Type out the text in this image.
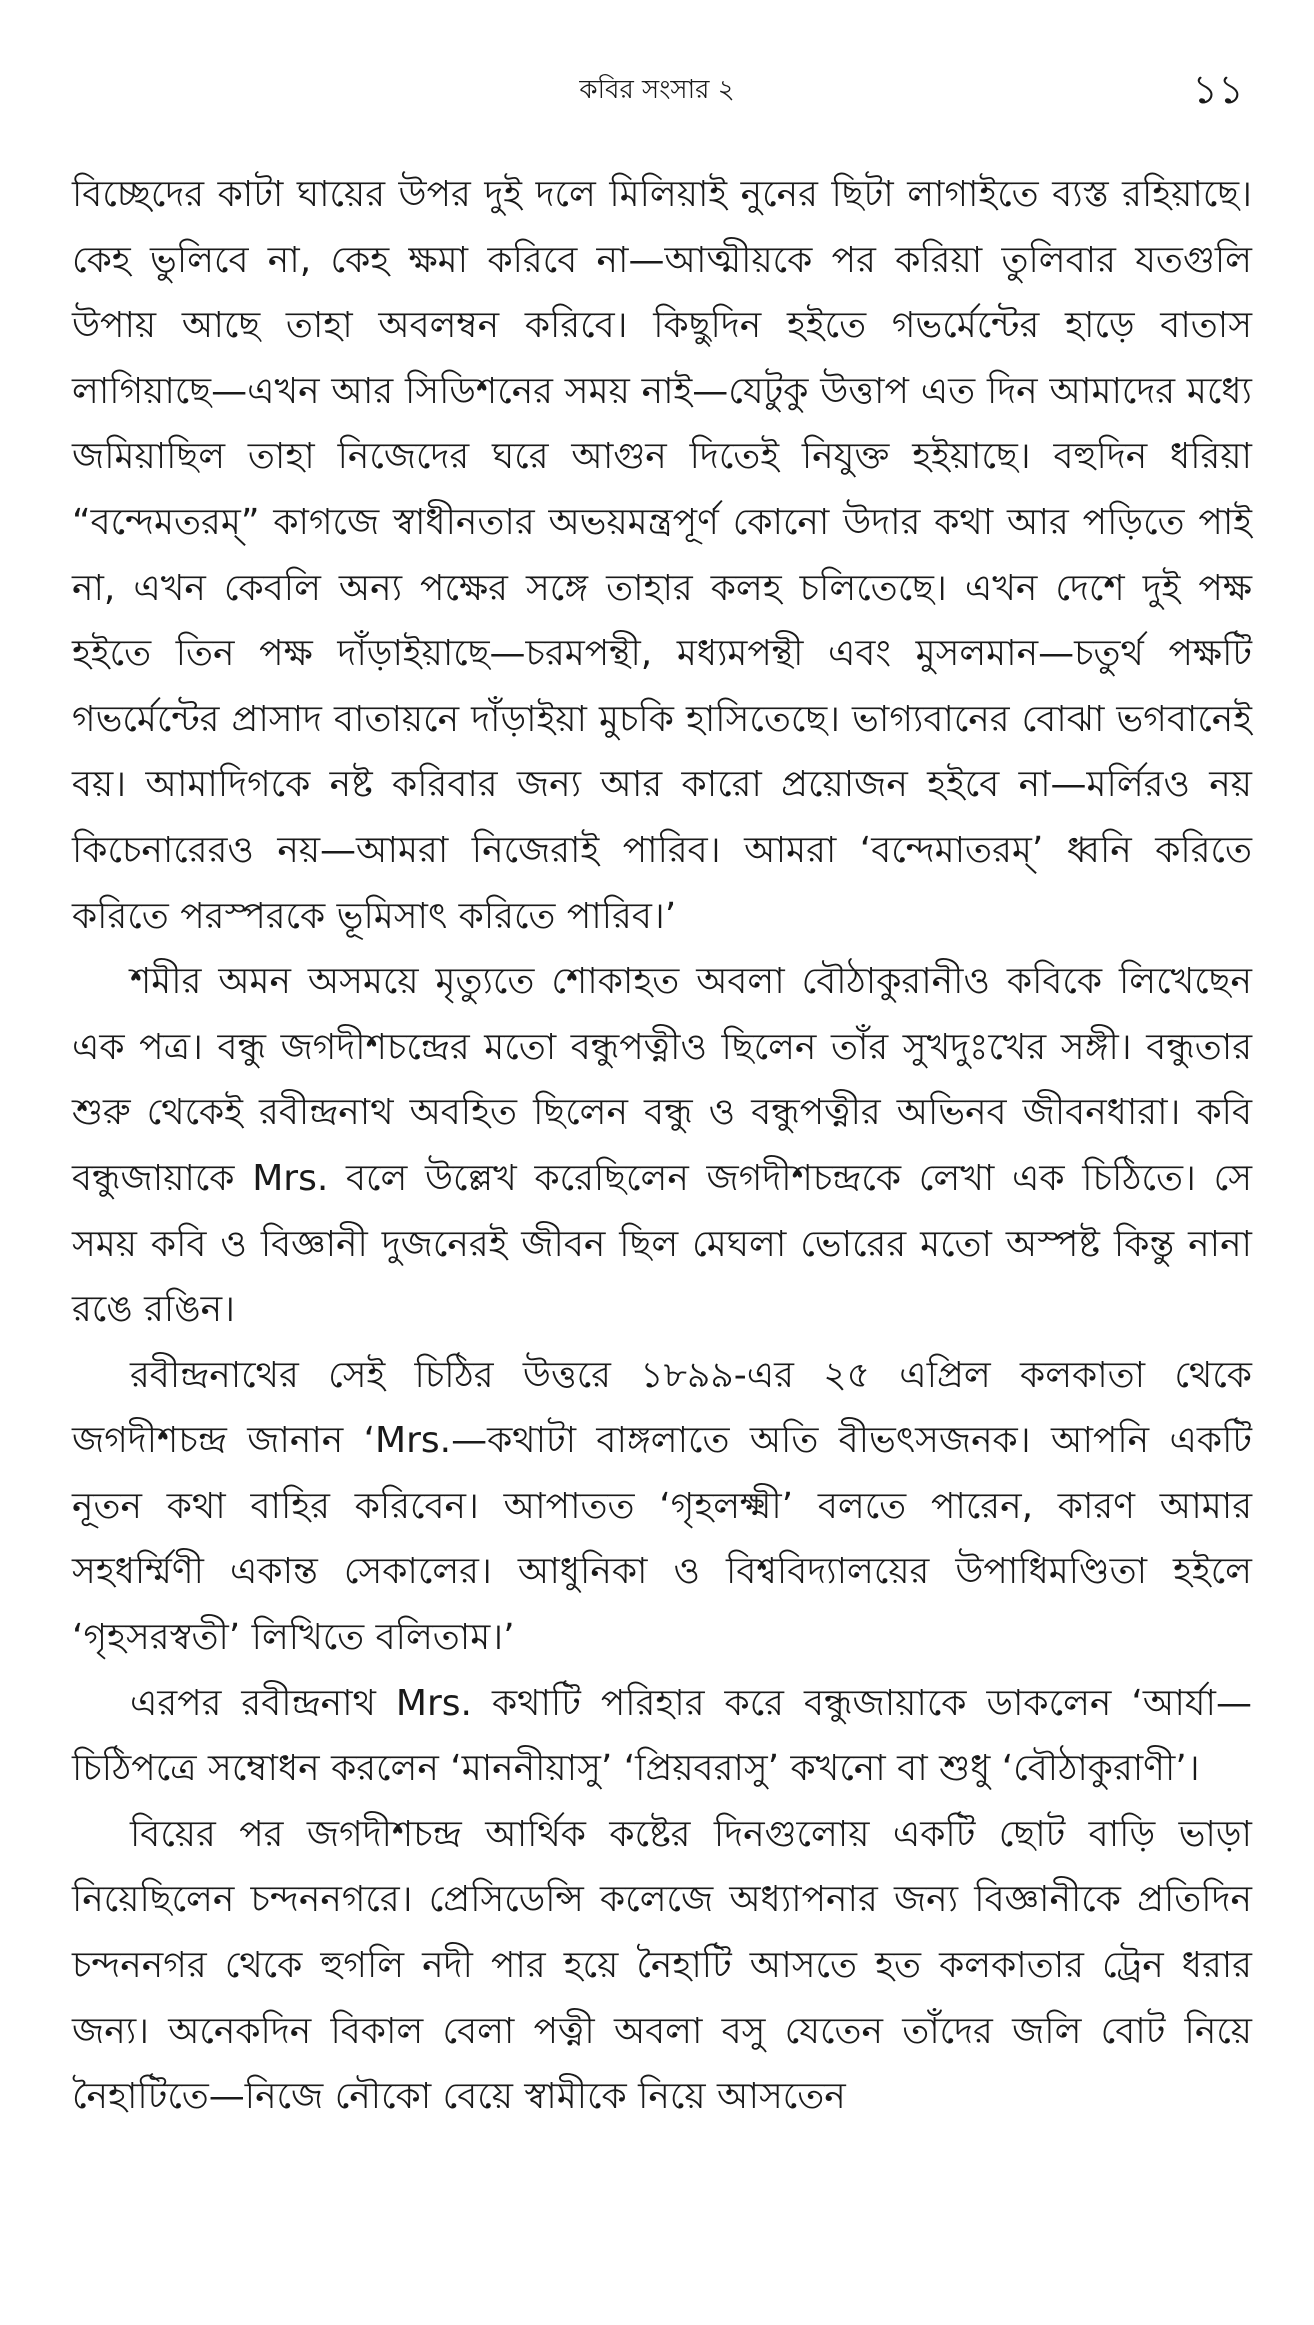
কবির সংসার ২	১১

বিচ্ছেদের কাটা ঘায়ের উপর দুই দলে মিলিয়াই নুনের ছিটা লাগাইতে ব্যস্ত রহিয়াছে। কেহ ভুলিবে না, কেহ ক্ষমা করিবে না—আত্মীয়কে পর করিয়া তুলিবার যতগুলি উপায় আছে তাহা অবলম্বন করিবে। কিছুদিন হইতে গভর্মেন্টের হাড়ে বাতাস লাগিয়াছে—এখন আর সিডিশনের সময় নাই—যেটুকু উত্তাপ এত দিন আমাদের মধ্যে জমিয়াছিল তাহা নিজেদের ঘরে আগুন দিতেই নিযুক্ত হইয়াছে। বহুদিন ধরিয়া “বন্দেমতরম্” কাগজে স্বাধীনতার অভয়মন্ত্রপূর্ণ কোনো উদার কথা আর পড়িতে পাই না, এখন কেবলি অন্য পক্ষের সঙ্গে তাহার কলহ চলিতেছে। এখন দেশে দুই পক্ষ হইতে তিন পক্ষ দাঁড়াইয়াছে—চরমপন্থী, মধ্যমপন্থী এবং মুসলমান—চতুর্থ পক্ষটি গভর্মেন্টের প্রাসাদ বাতায়নে দাঁড়াইয়া মুচকি হাসিতেছে। ভাগ্যবানের বোঝা ভগবানেই বয়। আমাদিগকে নষ্ট করিবার জন্য আর কারো প্রয়োজন হইবে না—মর্লিরও নয় কিচেনারেরও নয়—আমরা নিজেরাই পারিব। আমরা ‘বন্দেমাতরম্’ ধ্বনি করিতে করিতে পরস্পরকে ভূমিসাৎ করিতে পারিব।’

শমীর অমন অসময়ে মৃত্যুতে শোকাহত অবলা বৌঠাকুরানীও কবিকে লিখেছেন এক পত্র। বন্ধু জগদীশচন্দ্রের মতো বন্ধুপত্নীও ছিলেন তাঁর সুখদুঃখের সঙ্গী। বন্ধুতার শুরু থেকেই রবীন্দ্রনাথ অবহিত ছিলেন বন্ধু ও বন্ধুপত্নীর অভিনব জীবনধারা। কবি বন্ধুজায়াকে Mrs. বলে উল্লেখ করেছিলেন জগদীশচন্দ্রকে লেখা এক চিঠিতে। সে সময় কবি ও বিজ্ঞানী দুজনেরই জীবন ছিল মেঘলা ভোরের মতো অস্পষ্ট কিন্তু নানা রঙে রঙিন।

রবীন্দ্রনাথের সেই চিঠির উত্তরে ১৮৯৯-এর ২৫ এপ্রিল কলকাতা থেকে জগদীশচন্দ্র জানান ‘Mrs.—কথাটা বাঙ্গলাতে অতি বীভৎসজনক। আপনি একটি নূতন কথা বাহির করিবেন। আপাতত ‘গৃহলক্ষ্মী’ বলতে পারেন, কারণ আমার সহধর্ম্মিণী একান্ত সেকালের। আধুনিকা ও বিশ্ববিদ্যালয়ের উপাধিমণ্ডিতা হইলে ‘গৃহসরস্বতী’ লিখিতে বলিতাম।’

এরপর রবীন্দ্রনাথ Mrs. কথাটি পরিহার করে বন্ধুজায়াকে ডাকলেন ‘আর্যা—চিঠিপত্রে সম্বোধন করলেন ‘মাননীয়াসু’ ‘প্রিয়বরাসু’ কখনো বা শুধু ‘বৌঠাকুরাণী’।

বিয়ের পর জগদীশচন্দ্র আর্থিক কষ্টের দিনগুলোয় একটি ছোট বাড়ি ভাড়া নিয়েছিলেন চন্দননগরে। প্রেসিডেন্সি কলেজে অধ্যাপনার জন্য বিজ্ঞানীকে প্রতিদিন চন্দননগর থেকে হুগলি নদী পার হয়ে নৈহাটি আসতে হত কলকাতার ট্রেন ধরার জন্য। অনেকদিন বিকাল বেলা পত্নী অবলা বসু যেতেন তাঁদের জলি বোট নিয়ে নৈহাটিতে—নিজে নৌকো বেয়ে স্বামীকে নিয়ে আসতেন
